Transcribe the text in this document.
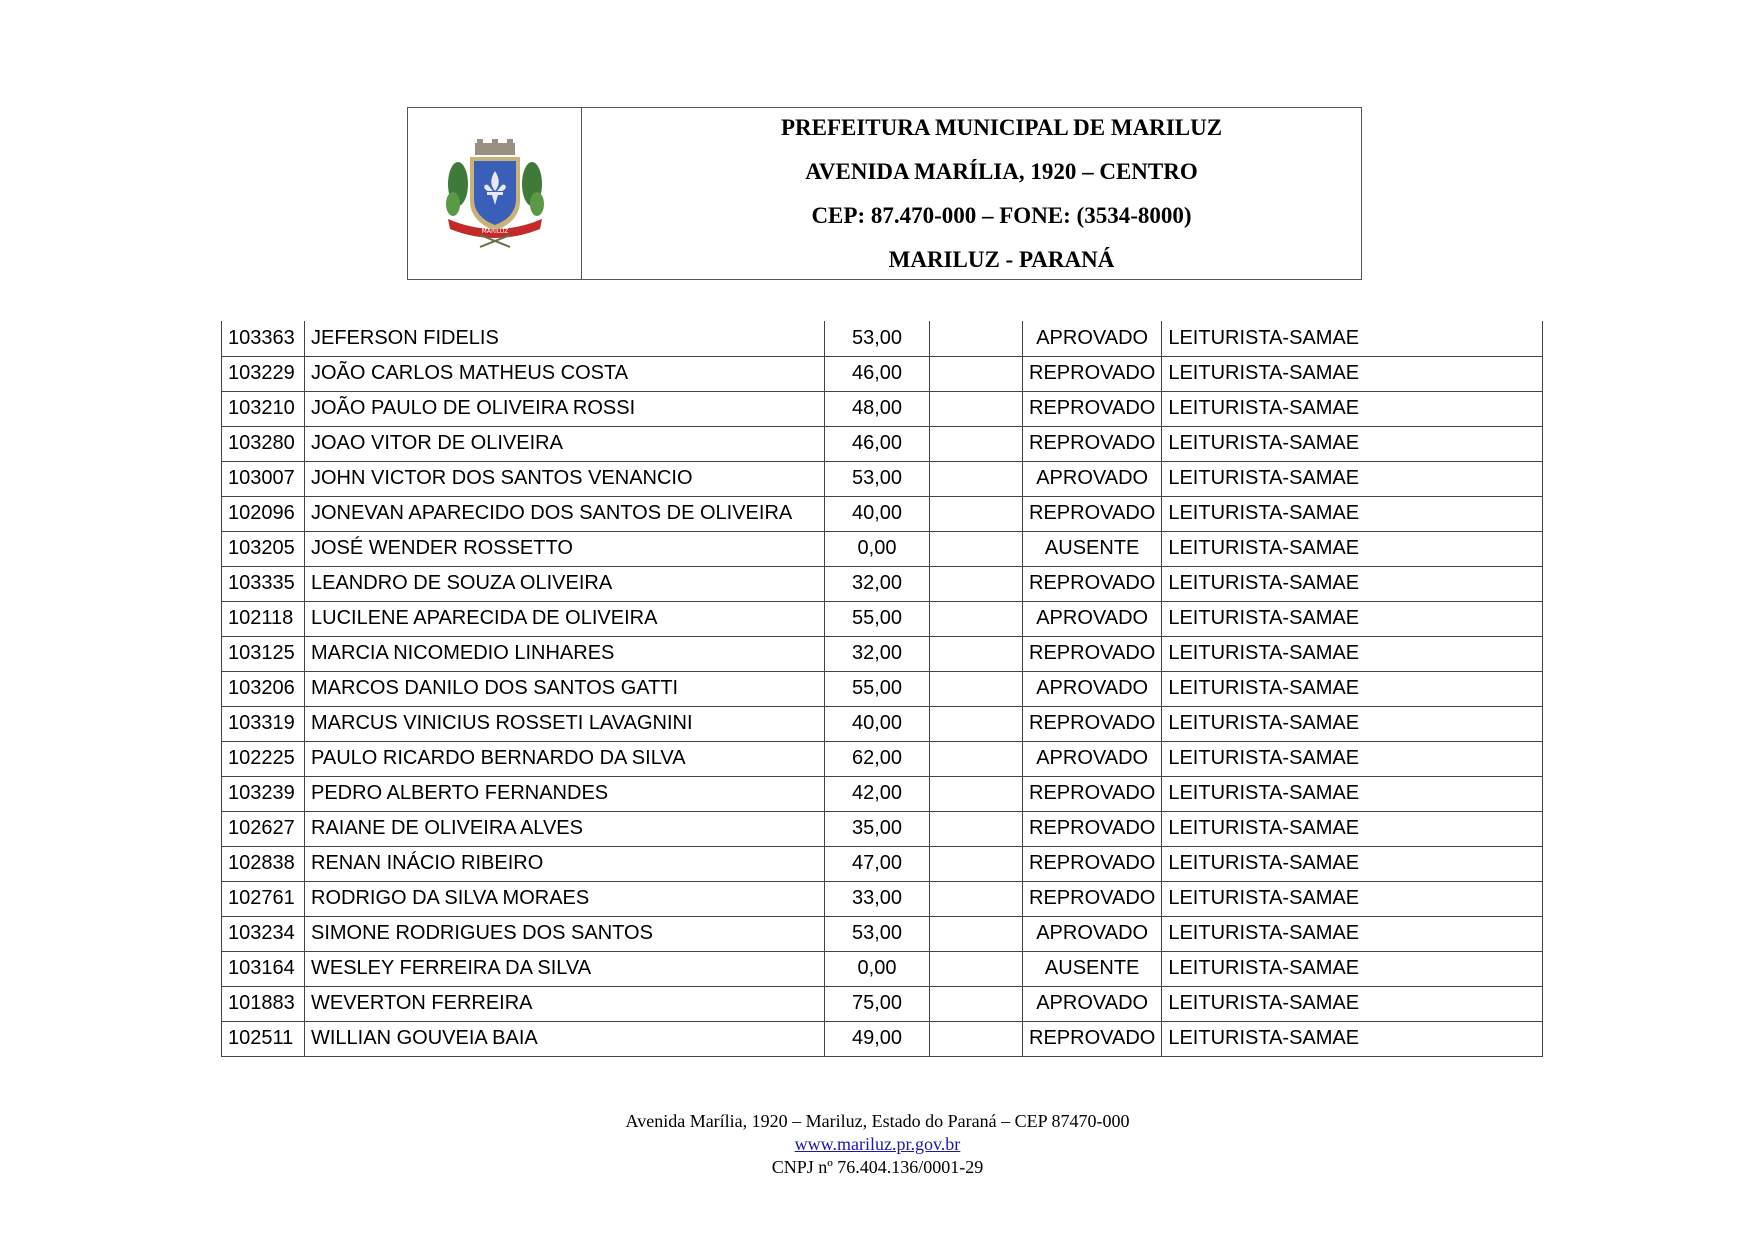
MARILUZ
PREFEITURA MUNICIPAL DE MARILUZ
AVENIDA MARÍLIA, 1920 – CENTRO
CEP: 87.470-000 – FONE: (3534-8000)
MARILUZ - PARANÁ
103363	JEFERSON FIDELIS	53,00		APROVADO	LEITURISTA-SAMAE
103229	JOÃO CARLOS MATHEUS COSTA	46,00		REPROVADO	LEITURISTA-SAMAE
103210	JOÃO PAULO DE OLIVEIRA ROSSI	48,00		REPROVADO	LEITURISTA-SAMAE
103280	JOAO VITOR DE OLIVEIRA	46,00		REPROVADO	LEITURISTA-SAMAE
103007	JOHN VICTOR DOS SANTOS VENANCIO	53,00		APROVADO	LEITURISTA-SAMAE
102096	JONEVAN APARECIDO DOS SANTOS DE OLIVEIRA	40,00		REPROVADO	LEITURISTA-SAMAE
103205	JOSÉ WENDER ROSSETTO	0,00		AUSENTE	LEITURISTA-SAMAE
103335	LEANDRO DE SOUZA OLIVEIRA	32,00		REPROVADO	LEITURISTA-SAMAE
102118	LUCILENE APARECIDA DE OLIVEIRA	55,00		APROVADO	LEITURISTA-SAMAE
103125	MARCIA NICOMEDIO LINHARES	32,00		REPROVADO	LEITURISTA-SAMAE
103206	MARCOS DANILO DOS SANTOS GATTI	55,00		APROVADO	LEITURISTA-SAMAE
103319	MARCUS VINICIUS ROSSETI LAVAGNINI	40,00		REPROVADO	LEITURISTA-SAMAE
102225	PAULO RICARDO BERNARDO DA SILVA	62,00		APROVADO	LEITURISTA-SAMAE
103239	PEDRO ALBERTO FERNANDES	42,00		REPROVADO	LEITURISTA-SAMAE
102627	RAIANE DE OLIVEIRA ALVES	35,00		REPROVADO	LEITURISTA-SAMAE
102838	RENAN INÁCIO RIBEIRO	47,00		REPROVADO	LEITURISTA-SAMAE
102761	RODRIGO DA SILVA MORAES	33,00		REPROVADO	LEITURISTA-SAMAE
103234	SIMONE RODRIGUES DOS SANTOS	53,00		APROVADO	LEITURISTA-SAMAE
103164	WESLEY FERREIRA DA SILVA	0,00		AUSENTE	LEITURISTA-SAMAE
101883	WEVERTON FERREIRA	75,00		APROVADO	LEITURISTA-SAMAE
102511	WILLIAN GOUVEIA BAIA	49,00		REPROVADO	LEITURISTA-SAMAE
Avenida Marília, 1920 – Mariluz, Estado do Paraná – CEP 87470-000
www.mariluz.pr.gov.br
CNPJ nº 76.404.136/0001-29
